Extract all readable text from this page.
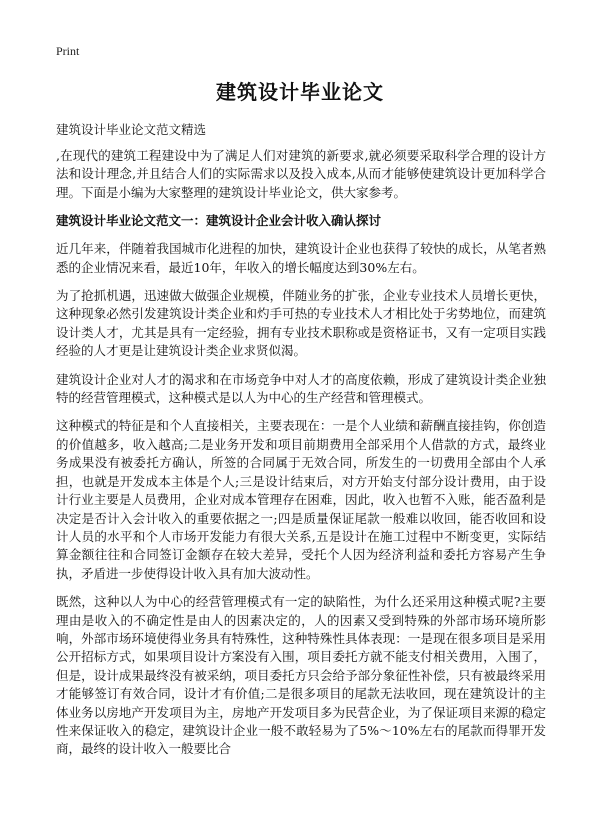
Print
建筑设计毕业论文
建筑设计毕业论文范文精选

,在现代的建筑工程建设中为了满足人们对建筑的新要求,就必须要采取科学合理的设计方法和设计理念,并且结合人们的实际需求以及投入成本,从而才能够使建筑设计更加科学合理。下面是小编为大家整理的建筑设计毕业论文，供大家参考。

建筑设计毕业论文范文一：建筑设计企业会计收入确认探讨

近几年来，伴随着我国城市化进程的加快，建筑设计企业也获得了较快的成长，从笔者熟悉的企业情况来看，最近10年，年收入的增长幅度达到30%左右。

为了抢抓机遇，迅速做大做强企业规模，伴随业务的扩张，企业专业技术人员增长更快，这种现象必然引发建筑设计类企业和灼手可热的专业技术人才相比处于劣势地位，而建筑设计类人才，尤其是具有一定经验，拥有专业技术职称或是资格证书，又有一定项目实践经验的人才更是让建筑设计类企业求贤似渴。

建筑设计企业对人才的渴求和在市场竞争中对人才的高度依赖，形成了建筑设计类企业独特的经营管理模式，这种模式是以人为中心的生产经营和管理模式。

这种模式的特征是和个人直接相关，主要表现在：一是个人业绩和薪酬直接挂钩，你创造的价值越多，收入越高;二是业务开发和项目前期费用全部采用个人借款的方式，最终业务成果没有被委托方确认，所签的合同属于无效合同，所发生的一切费用全部由个人承担，也就是开发成本主体是个人;三是设计结束后，对方开始支付部分设计费用，由于设计行业主要是人员费用，企业对成本管理存在困难，因此，收入也暂不入账，能否盈利是决定是否计入会计收入的重要依据之一;四是质量保证尾款一般难以收回，能否收回和设计人员的水平和个人市场开发能力有很大关系,五是设计在施工过程中不断变更，实际结算金额往往和合同签订金额存在较大差异，受托个人因为经济利益和委托方容易产生争执，矛盾进一步使得设计收入具有加大波动性。

既然，这种以人为中心的经营管理模式有一定的缺陷性，为什么还采用这种模式呢?主要理由是收入的不确定性是由人的因素决定的，人的因素又受到特殊的外部市场环境所影响，外部市场环境使得业务具有特殊性，这种特殊性具体表现：一是现在很多项目是采用公开招标方式，如果项目设计方案没有入围，项目委托方就不能支付相关费用，入围了，但是，设计成果最终没有被采纳，项目委托方只会给予部分象征性补偿，只有被最终采用才能够签订有效合同，设计才有价值;二是很多项目的尾款无法收回，现在建筑设计的主体业务以房地产开发项目为主，房地产开发项目多为民营企业，为了保证项目来源的稳定性来保证收入的稳定，建筑设计企业一般不敢轻易为了5%～10%左右的尾款而得罪开发商，最终的设计收入一般要比合
